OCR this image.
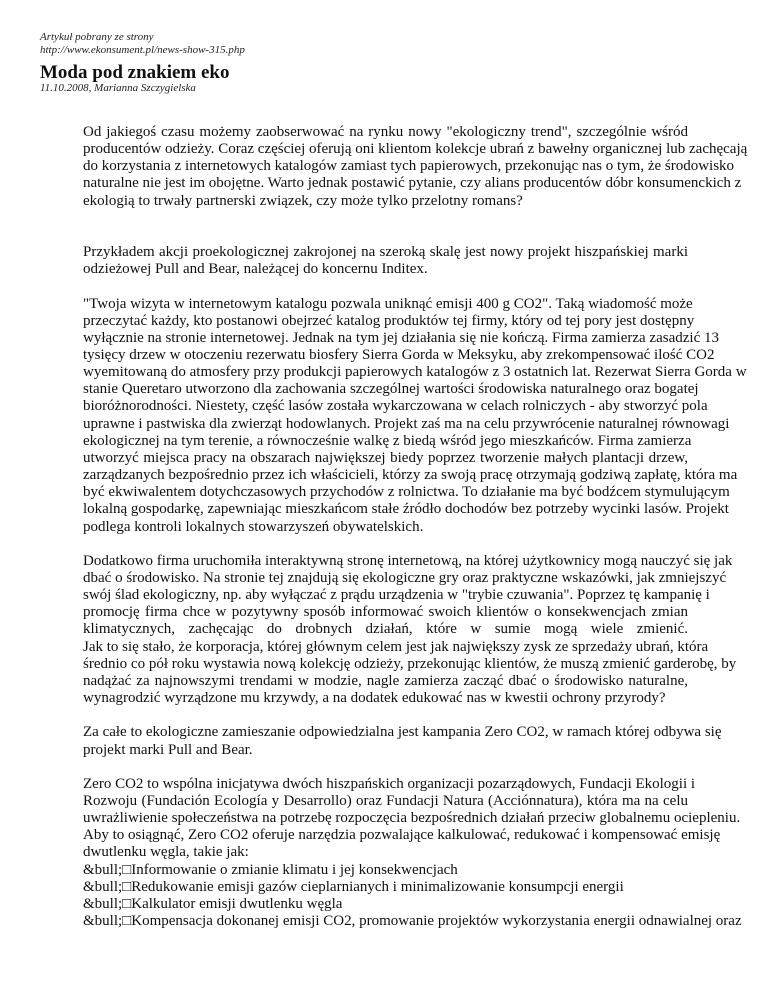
Artykuł pobrany ze strony
http://www.ekonsument.pl/news-show-315.php
Moda pod znakiem eko
11.10.2008, Marianna Szczygielska
Od jakiegoś czasu możemy zaobserwować na rynku nowy "ekologiczny trend", szczególnie wśród
producentów odzieży. Coraz częściej oferują oni klientom kolekcje ubrań z bawełny organicznej lub zachęcają
do korzystania z internetowych katalogów zamiast tych papierowych, przekonując nas o tym, że środowisko
naturalne nie jest im obojętne. Warto jednak postawić pytanie, czy alians producentów dóbr konsumenckich z
ekologią to trwały partnerski związek, czy może tylko przelotny romans?
Przykładem akcji proekologicznej zakrojonej na szeroką skalę jest nowy projekt hiszpańskiej marki
odzieżowej Pull and Bear, należącej do koncernu Inditex.
"Twoja wizyta w internetowym katalogu pozwala uniknąć emisji 400 g CO2". Taką wiadomość może
przeczytać każdy, kto postanowi obejrzeć katalog produktów tej firmy, który od tej pory jest dostępny
wyłącznie na stronie internetowej. Jednak na tym jej działania się nie kończą. Firma zamierza zasadzić 13
tysięcy drzew w otoczeniu rezerwatu biosfery Sierra Gorda w Meksyku, aby zrekompensować ilość CO2
wyemitowaną do atmosfery przy produkcji papierowych katalogów z 3 ostatnich lat. Rezerwat Sierra Gorda w
stanie Queretaro utworzono dla zachowania szczególnej wartości środowiska naturalnego oraz bogatej
bioróżnorodności. Niestety, część lasów została wykarczowana w celach rolniczych - aby stworzyć pola
uprawne i pastwiska dla zwierząt hodowlanych. Projekt zaś ma na celu przywrócenie naturalnej równowagi
ekologicznej na tym terenie, a równocześnie walkę z biedą wśród jego mieszkańców. Firma zamierza
utworzyć miejsca pracy na obszarach największej biedy poprzez tworzenie małych plantacji drzew,
zarządzanych bezpośrednio przez ich właścicieli, którzy za swoją pracę otrzymają godziwą zapłatę, która ma
być ekwiwalentem dotychczasowych przychodów z rolnictwa. To działanie ma być bodźcem stymulującym
lokalną gospodarkę, zapewniając mieszkańcom stałe źródło dochodów bez potrzeby wycinki lasów. Projekt
podlega kontroli lokalnych stowarzyszeń obywatelskich.
Dodatkowo firma uruchomiła interaktywną stronę internetową, na której użytkownicy mogą nauczyć się jak
dbać o środowisko. Na stronie tej znajdują się ekologiczne gry oraz praktyczne wskazówki, jak zmniejszyć
swój ślad ekologiczny, np. aby wyłączać z prądu urządzenia w "trybie czuwania". Poprzez tę kampanię i
promocję firma chce w pozytywny sposób informować swoich klientów o konsekwencjach zmian
klimatycznych, zachęcając do drobnych działań, które w sumie mogą wiele zmienić.
Jak to się stało, że korporacja, której głównym celem jest jak największy zysk ze sprzedaży ubrań, która
średnio co pół roku wystawia nową kolekcję odzieży, przekonując klientów, że muszą zmienić garderobę, by
nadążać za najnowszymi trendami w modzie, nagle zamierza zacząć dbać o środowisko naturalne,
wynagrodzić wyrządzone mu krzywdy, a na dodatek edukować nas w kwestii ochrony przyrody?
Za całe to ekologiczne zamieszanie odpowiedzialna jest kampania Zero CO2, w ramach której odbywa się
projekt marki Pull and Bear.
Zero CO2 to wspólna inicjatywa dwóch hiszpańskich organizacji pozarządowych, Fundacji Ekologii i
Rozwoju (Fundación Ecología y Desarrollo) oraz Fundacji Natura (Acciónnatura), która ma na celu
uwrażliwienie społeczeństwa na potrzebę rozpoczęcia bezpośrednich działań przeciw globalnemu ociepleniu.
Aby to osiągnąć, Zero CO2 oferuje narzędzia pozwalające kalkulować, redukować i kompensować emisję
dwutlenku węgla, takie jak:
&bull;□Informowanie o zmianie klimatu i jej konsekwencjach
&bull;□Redukowanie emisji gazów cieplarnianych i minimalizowanie konsumpcji energii
&bull;□Kalkulator emisji dwutlenku węgla
&bull;□Kompensacja dokonanej emisji CO2, promowanie projektów wykorzystania energii odnawialnej oraz
